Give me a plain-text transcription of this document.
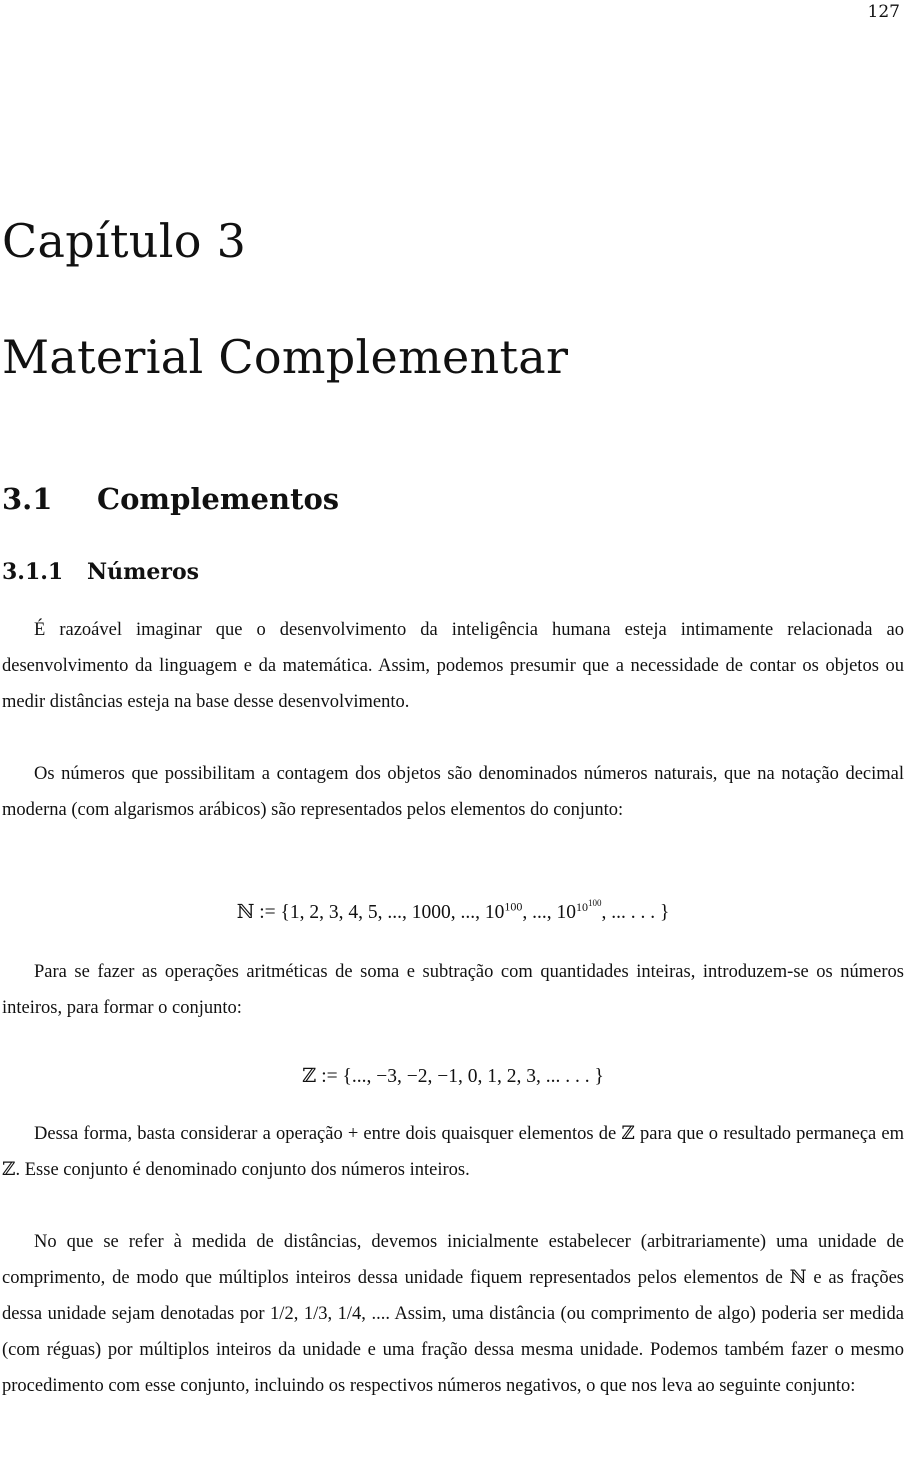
127
Capítulo 3
Material Complementar
3.1 Complementos
3.1.1 Números

É razoável imaginar que o desenvolvimento da inteligência humana esteja intimamente relacionada ao desenvolvimento da linguagem e da matemática. Assim, podemos presumir que a necessidade de contar os objetos ou medir distâncias esteja na base desse desenvolvimento.

Os números que possibilitam a contagem dos objetos são denominados números naturais, que na notação decimal moderna (com algarismos arábicos) são representados pelos elementos do conjunto:

ℕ := {1, 2, 3, 4, 5, ..., 1000, ..., $10^{100}$, ..., $10^{10^{100}}$, ... . . . }

Para se fazer as operações aritméticas de soma e subtração com quantidades inteiras, introduzem-se os números inteiros, para formar o conjunto:

ℤ := {..., −3, −2, −1, 0, 1, 2, 3, ... . . . }

Dessa forma, basta considerar a operação + entre dois quaisquer elementos de ℤ para que o resultado permaneça em ℤ. Esse conjunto é denominado conjunto dos números inteiros.

No que se refer à medida de distâncias, devemos inicialmente estabelecer (arbitrariamente) uma unidade de comprimento, de modo que múltiplos inteiros dessa unidade fiquem representados pelos elementos de ℕ e as frações dessa unidade sejam denotadas por 1/2, 1/3, 1/4, .... Assim, uma distância (ou comprimento de algo) poderia ser medida (com réguas) por múltiplos inteiros da unidade e uma fração dessa mesma unidade. Podemos também fazer o mesmo procedimento com esse conjunto, incluindo os respectivos números negativos, o que nos leva ao seguinte conjunto:
